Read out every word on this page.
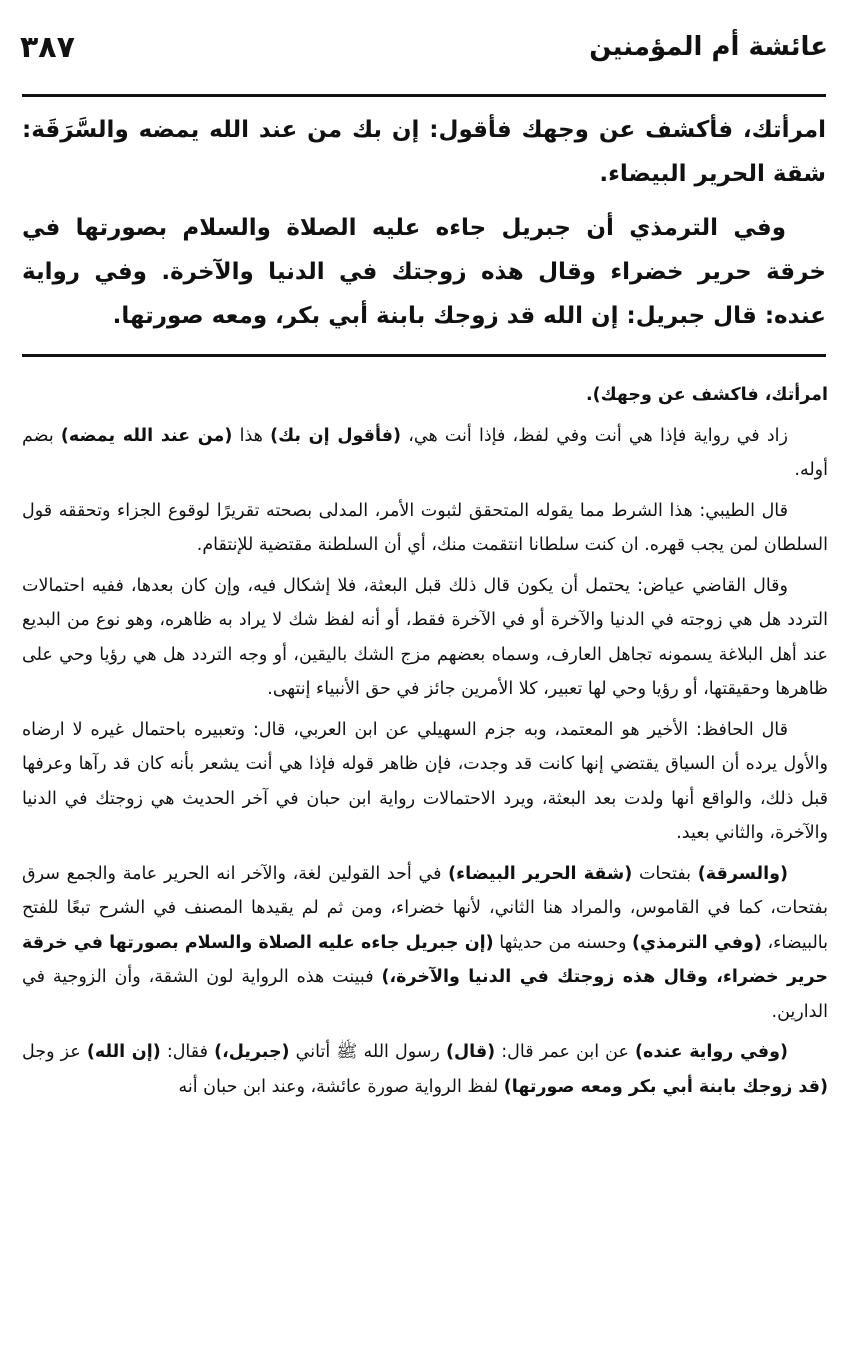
٣٨٧	عائشة أم المؤمنين

امرأتك، فأكشف عن وجهك فأقول: إن بك من عند الله يمضه والسَّرَقَة: شقة الحرير البيضاء.

وفي الترمذي أن جبريل جاءه عليه الصلاة والسلام بصورتها في خرقة حرير خضراء وقال هذه زوجتك في الدنيا والآخرة. وفي رواية عنده: قال جبريل: إن الله قد زوجك بابنة أبي بكر، ومعه صورتها.

امرأتك، فاكشف عن وجهك).

زاد في رواية فإذا هي أنت وفي لفظ، فإذا أنت هي، (فأقول إن بك) هذا (من عند الله يمضه) بضم أوله.

قال الطيبي: هذا الشرط مما يقوله المتحقق لثبوت الأمر، المدلى بصحته تقريرًا لوقوع الجزاء وتحققه قول السلطان لمن يجب قهره. ان كنت سلطانا انتقمت منك، أي أن السلطنة مقتضية للإنتقام.

وقال القاضي عياض: يحتمل أن يكون قال ذلك قبل البعثة، فلا إشكال فيه، وإن كان بعدها، ففيه احتمالات التردد هل هي زوجته في الدنيا والآخرة أو في الآخرة فقط، أو أنه لفظ شك لا يراد به ظاهره، وهو نوع من البديع عند أهل البلاغة يسمونه تجاهل العارف، وسماه بعضهم مزج الشك باليقين، أو وجه التردد هل هي رؤيا وحي على ظاهرها وحقيقتها، أو رؤيا وحي لها تعبير، كلا الأمرين جائز في حق الأنبياء إنتهى.

قال الحافظ: الأخير هو المعتمد، وبه جزم السهيلي عن ابن العربي، قال: وتعبيره باحتمال غيره لا ارضاه والأول يرده أن السياق يقتضي إنها كانت قد وجدت، فإن ظاهر قوله فإذا هي أنت يشعر بأنه كان قد رآها وعرفها قبل ذلك، والواقع أنها ولدت بعد البعثة، ويرد الاحتمالات رواية ابن حبان في آخر الحديث هي زوجتك في الدنيا والآخرة، والثاني بعيد.

(والسرقة) بفتحات (شقة الحرير البيضاء) في أحد القولين لغة، والآخر انه الحرير عامة والجمع سرق بفتحات، كما في القاموس، والمراد هنا الثاني، لأنها خضراء، ومن ثم لم يقيدها المصنف في الشرح تبعًا للفتح بالبيضاء، (وفي الترمذي) وحسنه من حديثها (إن جبريل جاءه عليه الصلاة والسلام بصورتها في خرقة حرير خضراء، وقال هذه زوجتك في الدنيا والآخرة،) فبينت هذه الرواية لون الشقة، وأن الزوجية في الدارين.

(وفي رواية عنده) عن ابن عمر قال: (قال) رسول الله ﷺ أتاني (جبريل،) فقال: (إن الله) عز وجل (قد زوجك بابنة أبي بكر ومعه صورتها) لفظ الرواية صورة عائشة، وعند ابن حبان أنه
